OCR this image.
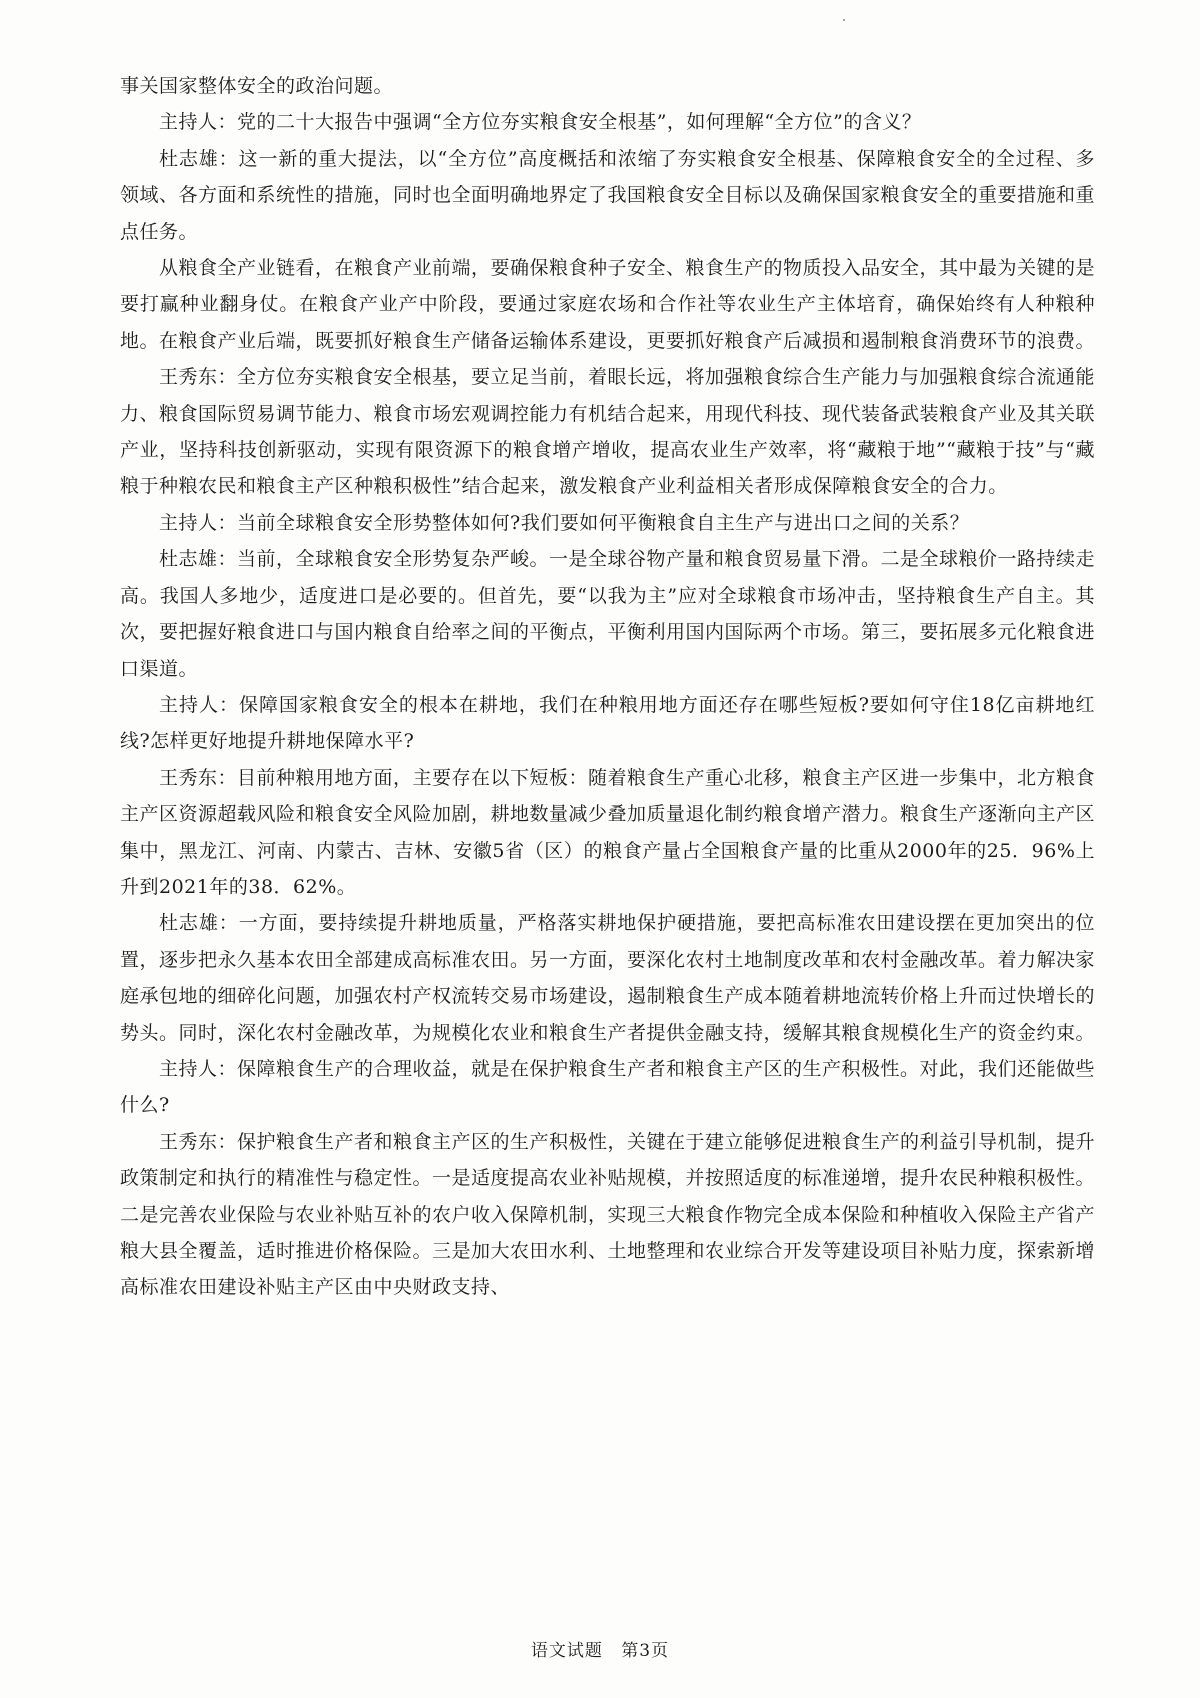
事关国家整体安全的政治问题。

主持人：党的二十大报告中强调“全方位夯实粮食安全根基”，如何理解“全方位”的含义？

杜志雄：这一新的重大提法，以“全方位”高度概括和浓缩了夯实粮食安全根基、保障粮食安全的全过程、多领域、各方面和系统性的措施，同时也全面明确地界定了我国粮食安全目标以及确保国家粮食安全的重要措施和重点任务。

从粮食全产业链看，在粮食产业前端，要确保粮食种子安全、粮食生产的物质投入品安全，其中最为关键的是要打赢种业翻身仗。在粮食产业产中阶段，要通过家庭农场和合作社等农业生产主体培育，确保始终有人种粮种地。在粮食产业后端，既要抓好粮食生产储备运输体系建设，更要抓好粮食产后减损和遏制粮食消费环节的浪费。

王秀东：全方位夯实粮食安全根基，要立足当前，着眼长远，将加强粮食综合生产能力与加强粮食综合流通能力、粮食国际贸易调节能力、粮食市场宏观调控能力有机结合起来，用现代科技、现代装备武装粮食产业及其关联产业，坚持科技创新驱动，实现有限资源下的粮食增产增收，提高农业生产效率，将“藏粮于地”“藏粮于技”与“藏粮于种粮农民和粮食主产区种粮积极性”结合起来，激发粮食产业利益相关者形成保障粮食安全的合力。

主持人：当前全球粮食安全形势整体如何?我们要如何平衡粮食自主生产与进出口之间的关系？

杜志雄：当前，全球粮食安全形势复杂严峻。一是全球谷物产量和粮食贸易量下滑。二是全球粮价一路持续走高。我国人多地少，适度进口是必要的。但首先，要“以我为主”应对全球粮食市场冲击，坚持粮食生产自主。其次，要把握好粮食进口与国内粮食自给率之间的平衡点，平衡利用国内国际两个市场。第三，要拓展多元化粮食进口渠道。

主持人：保障国家粮食安全的根本在耕地，我们在种粮用地方面还存在哪些短板?要如何守住18亿亩耕地红线?怎样更好地提升耕地保障水平?

王秀东：目前种粮用地方面，主要存在以下短板：随着粮食生产重心北移，粮食主产区进一步集中，北方粮食主产区资源超载风险和粮食安全风险加剧，耕地数量减少叠加质量退化制约粮食增产潜力。粮食生产逐渐向主产区集中，黑龙江、河南、内蒙古、吉林、安徽5省（区）的粮食产量占全国粮食产量的比重从2000年的25．96%上升到2021年的38．62%。

杜志雄：一方面，要持续提升耕地质量，严格落实耕地保护硬措施，要把高标准农田建设摆在更加突出的位置，逐步把永久基本农田全部建成高标准农田。另一方面，要深化农村土地制度改革和农村金融改革。着力解决家庭承包地的细碎化问题，加强农村产权流转交易市场建设，遏制粮食生产成本随着耕地流转价格上升而过快增长的势头。同时，深化农村金融改革，为规模化农业和粮食生产者提供金融支持，缓解其粮食规模化生产的资金约束。

主持人：保障粮食生产的合理收益，就是在保护粮食生产者和粮食主产区的生产积极性。对此，我们还能做些什么?

王秀东：保护粮食生产者和粮食主产区的生产积极性，关键在于建立能够促进粮食生产的利益引导机制，提升政策制定和执行的精准性与稳定性。一是适度提高农业补贴规模，并按照适度的标准递增，提升农民种粮积极性。二是完善农业保险与农业补贴互补的农户收入保障机制，实现三大粮食作物完全成本保险和种植收入保险主产省产粮大县全覆盖，适时推进价格保险。三是加大农田水利、土地整理和农业综合开发等建设项目补贴力度，探索新增高标准农田建设补贴主产区由中央财政支持、

语文试题 第3页
